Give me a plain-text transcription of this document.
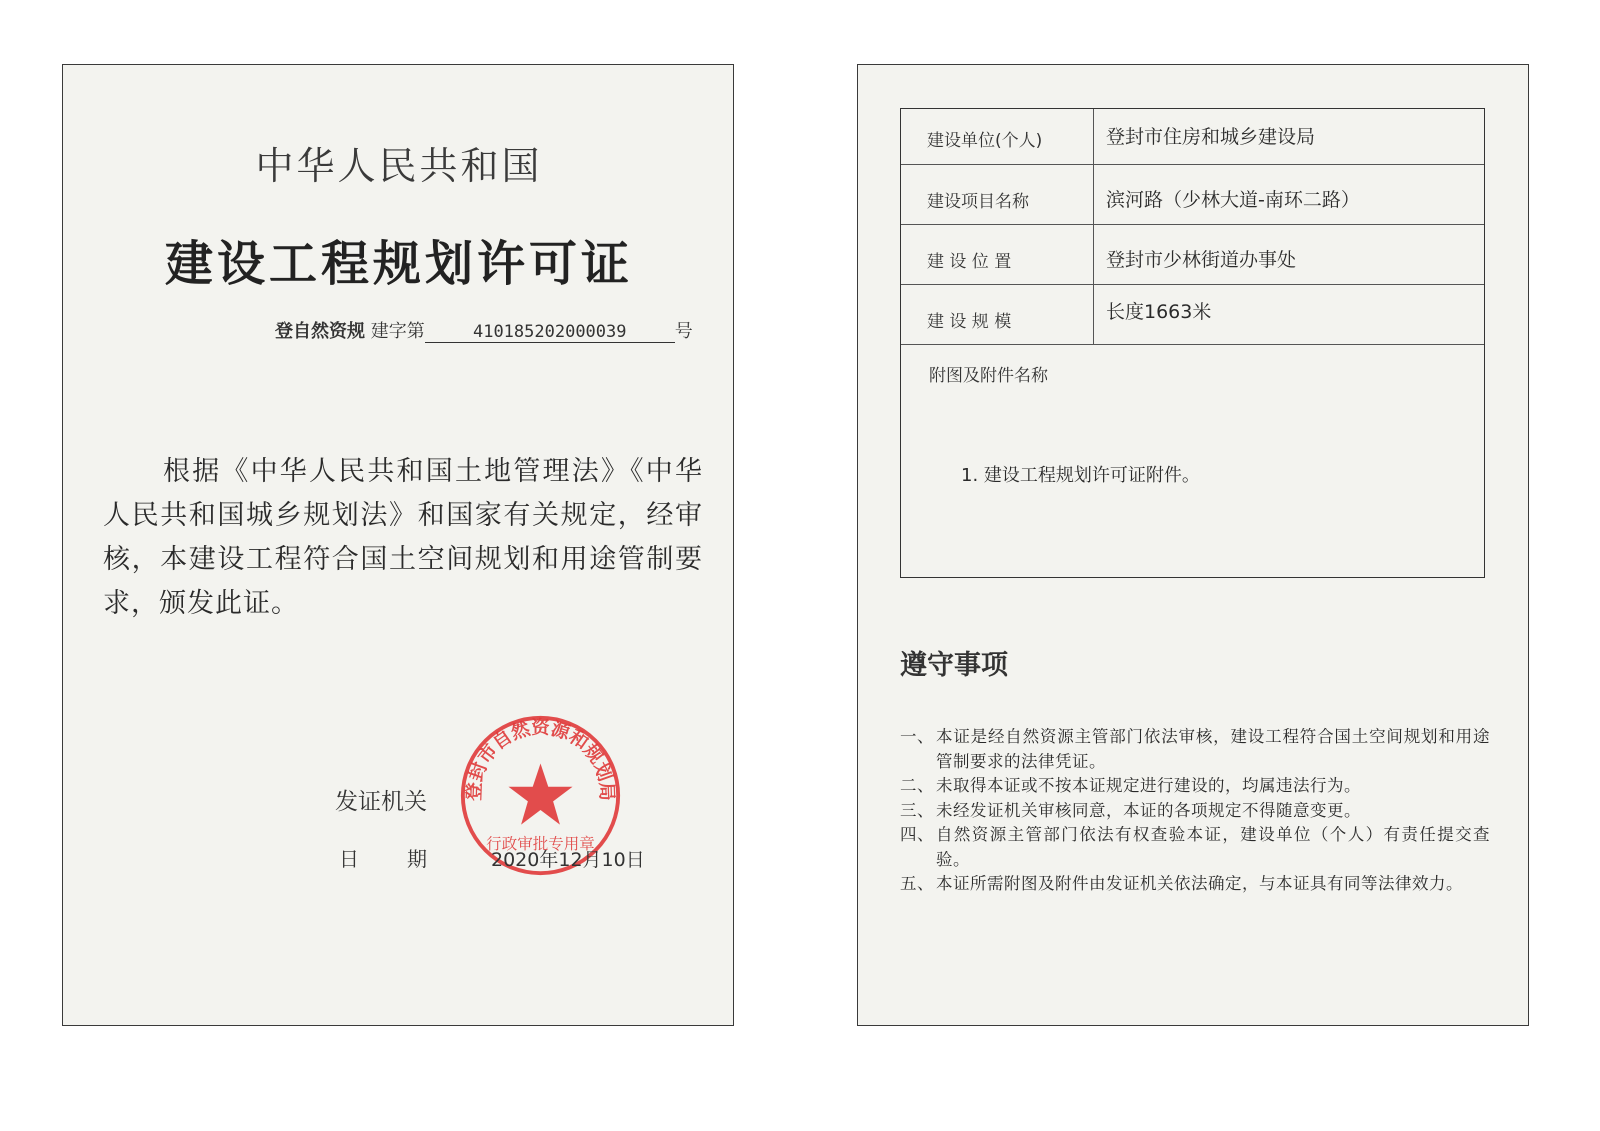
中华人民共和国
建设工程规划许可证
登自然资规 建字第	410185202000039	号
根据《中华人民共和国土地管理法》《中华人民共和国城乡规划法》和国家有关规定，经审核，本建设工程符合国土空间规划和用途管制要求，颁发此证。
登封市自然资源和规划局
行政审批专用章
发证机关
日期 2020年12月10日
建设单位(个人)	登封市住房和城乡建设局
建设项目名称	滨河路（少林大道-南环二路）
建 设 位 置	登封市少林街道办事处
建 设 规 模	长度1663米
附图及附件名称
1. 建设工程规划许可证附件。
遵守事项
一、 本证是经自然资源主管部门依法审核，建设工程符合国土空间规划和用途管制要求的法律凭证。
二、 未取得本证或不按本证规定进行建设的，均属违法行为。
三、 未经发证机关审核同意，本证的各项规定不得随意变更。
四、 自然资源主管部门依法有权查验本证，建设单位（个人）有责任提交查验。
五、 本证所需附图及附件由发证机关依法确定，与本证具有同等法律效力。
